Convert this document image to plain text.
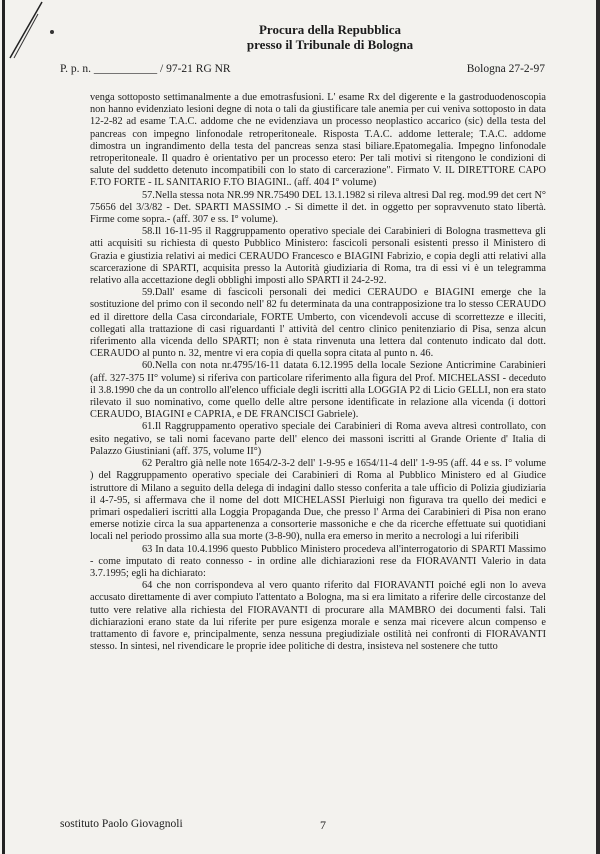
Procura della Repubblica
presso il Tribunale di Bologna
P. p. n. ___________ / 97-21 RG NR	Bologna 27-2-97

venga sottoposto settimanalmente a due emotrasfusioni. L' esame Rx del digerente e la gastroduodenoscopia non hanno evidenziato lesioni degne di nota o tali da giustificare tale anemia per cui veniva sottoposto in data 12-2-82 ad esame T.A.C. addome che ne evidenziava un processo neoplastico accarico (sic) della testa del pancreas con impegno linfonodale retroperitoneale. Risposta T.A.C. addome letterale; T.A.C. addome dimostra un ingrandimento della testa del pancreas senza stasi biliare.Epatomegalia. Impegno linfonodale retroperitoneale. Il quadro è orientativo per un processo etero: Per tali motivi si ritengono le condizioni di salute del suddetto detenuto incompatibili con lo stato di carcerazione". Firmato V. IL DIRETTORE CAPO F.TO FORTE - IL SANITARIO F.TO BIAGINI.. (aff. 404 I° volume)

57.Nella stessa nota NR.99 NR.75490 DEL 13.1.1982 si rileva altresì Dal reg. mod.99 det cert N° 75656 del 3/3/82 - Det. SPARTI MASSIMO .- Si dimette il det. in oggetto per sopravvenuto stato libertà. Firme come sopra.- (aff. 307 e ss. I° volume).

58.Il 16-11-95 il Raggruppamento operativo speciale dei Carabinieri di Bologna trasmetteva gli atti acquisiti su richiesta di questo Pubblico Ministero: fascicoli personali esistenti presso il Ministero di Grazia e giustizia relativi ai medici CERAUDO Francesco e BIAGINI Fabrizio, e copia degli atti relativi alla scarcerazione di SPARTI, acquisita presso la Autorità giudiziaria di Roma, tra di essi vi è un telegramma relativo alla accettazione degli obblighi imposti allo SPARTI il 24-2-92.

59.Dall' esame di fascicoli personali dei medici CERAUDO e BIAGINI emerge che la sostituzione del primo con il secondo nell' 82 fu determinata da una contrapposizione tra lo stesso CERAUDO ed il direttore della Casa circondariale, FORTE Umberto, con vicendevoli accuse di scorrettezze e illeciti, collegati alla trattazione di casi riguardanti l' attività del centro clinico penitenziario di Pisa, senza alcun riferimento alla vicenda dello SPARTI; non è stata rinvenuta una lettera dal contenuto indicato dal dott. CERAUDO al punto n. 32, mentre vi era copia di quella sopra citata al punto n. 46.

60.Nella con nota nr.4795/16-11 datata 6.12.1995 della locale Sezione Anticrimine Carabinieri (aff. 327-375 II° volume) si riferiva con particolare riferimento alla figura del Prof. MICHELASSI - deceduto il 3.8.1990 che da un controllo all'elenco ufficiale degli iscritti alla LOGGIA P2 di Licio GELLI, non era stato rilevato il suo nominativo, come quello delle altre persone identificate in relazione alla vicenda (i dottori CERAUDO, BIAGINI e CAPRIA, e DE FRANCISCI Gabriele).

61.Il Raggruppamento operativo speciale dei Carabinieri di Roma aveva altresì controllato, con esito negativo, se tali nomi facevano parte dell' elenco dei massoni iscritti al Grande Oriente d' Italia di Palazzo Giustiniani (aff. 375, volume II°)

62 Peraltro già nelle note 1654/2-3-2 dell' 1-9-95 e 1654/11-4 dell' 1-9-95 (aff. 44 e ss. I° volume ) del Raggruppamento operativo speciale dei Carabinieri di Roma al Pubblico Ministero ed al Giudice istruttore di Milano a seguito della delega di indagini dallo stesso conferita a tale ufficio di Polizia giudiziaria il 4-7-95, si affermava che il nome del dott MICHELASSI Pierluigi non figurava tra quello dei medici e primari ospedalieri iscritti alla Loggia Propaganda Due, che presso l' Arma dei Carabinieri di Pisa non erano emerse notizie circa la sua appartenenza a consorterie massoniche e che da ricerche effettuate sui quotidiani locali nel periodo prossimo alla sua morte (3-8-90), nulla era emerso in merito a necrologi a lui riferibili

63 In data 10.4.1996 questo Pubblico Ministero procedeva all'interrogatorio di SPARTI Massimo - come imputato di reato connesso - in ordine alle dichiarazioni rese da FIORAVANTI Valerio in data 3.7.1995; egli ha dichiarato:

64 che non corrispondeva al vero quanto riferito dal FIORAVANTI poiché egli non lo aveva accusato direttamente di aver compiuto l'attentato a Bologna, ma si era limitato a riferire delle circostanze del tutto vere relative alla richiesta del FIORAVANTI di procurare alla MAMBRO dei documenti falsi. Tali dichiarazioni erano state da lui riferite per pure esigenza morale e senza mai ricevere alcun compenso e trattamento di favore e, principalmente, senza nessuna pregiudiziale ostilità nei confronti di FIORAVANTI stesso. In sintesi, nel rivendicare le proprie idee politiche di destra, insisteva nel sostenere che tutto

sostituto Paolo Giovagnoli	7
